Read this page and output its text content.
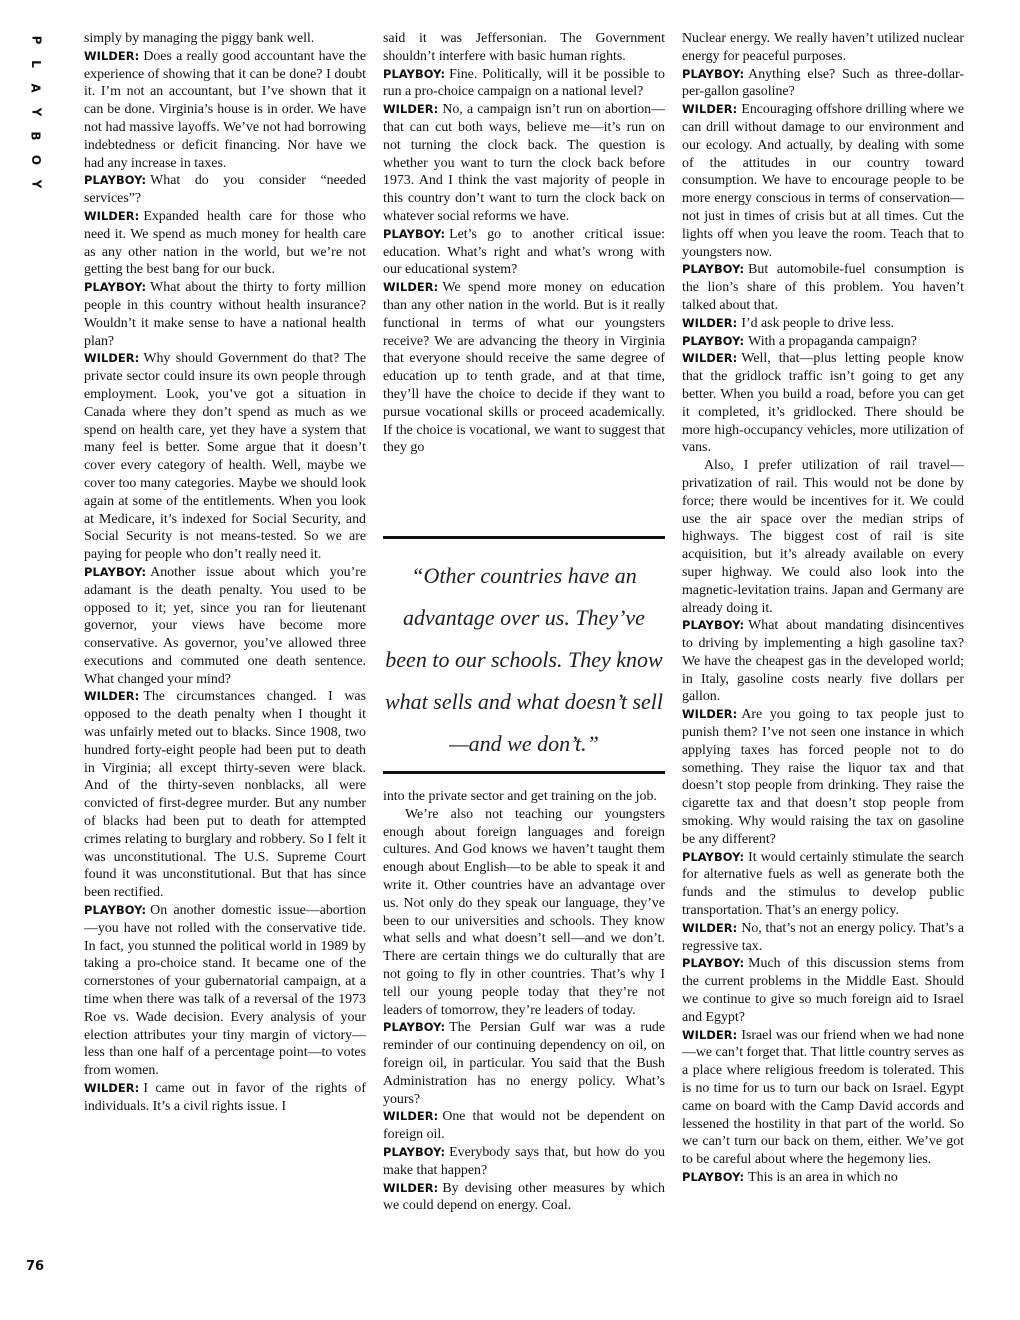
P
L
A
Y
B
O
Y
76

simply by managing the piggy bank well.

WILDER: Does a really good accountant have the experience of showing that it can be done? I doubt it. I’m not an accountant, but I’ve shown that it can be done. Virginia’s house is in order. We have not had massive layoffs. We’ve not had borrowing indebtedness or deficit financing. Nor have we had any increase in taxes.

PLAYBOY: What do you consider “needed services”?

WILDER: Expanded health care for those who need it. We spend as much money for health care as any other nation in the world, but we’re not getting the best bang for our buck.

PLAYBOY: What about the thirty to forty million people in this country without health insurance? Wouldn’t it make sense to have a national health plan?

WILDER: Why should Government do that? The private sector could insure its own people through employment. Look, you’ve got a situation in Canada where they don’t spend as much as we spend on health care, yet they have a system that many feel is better. Some argue that it doesn’t cover every category of health. Well, maybe we cover too many categories. Maybe we should look again at some of the entitlements. When you look at Medicare, it’s indexed for Social Security, and Social Security is not means-tested. So we are paying for people who don’t really need it.

PLAYBOY: Another issue about which you’re adamant is the death penalty. You used to be opposed to it; yet, since you ran for lieutenant governor, your views have become more conservative. As governor, you’ve allowed three executions and commuted one death sentence. What changed your mind?

WILDER: The circumstances changed. I was opposed to the death penalty when I thought it was unfairly meted out to blacks. Since 1908, two hundred forty-eight people had been put to death in Virginia; all except thirty-seven were black. And of the thirty-seven nonblacks, all were convicted of first-degree murder. But any number of blacks had been put to death for attempted crimes relating to burglary and robbery. So I felt it was unconstitutional. The U.S. Supreme Court found it was unconstitutional. But that has since been rectified.

PLAYBOY: On another domestic issue—abortion—you have not rolled with the conservative tide. In fact, you stunned the political world in 1989 by taking a pro-choice stand. It became one of the cornerstones of your gubernatorial campaign, at a time when there was talk of a reversal of the 1973 Roe vs. Wade decision. Every analysis of your election attributes your tiny margin of victory—less than one half of a percentage point—to votes from women.

WILDER: I came out in favor of the rights of individuals. It’s a civil rights issue. I

said it was Jeffersonian. The Government shouldn’t interfere with basic human rights.

PLAYBOY: Fine. Politically, will it be possible to run a pro-choice campaign on a national level?

WILDER: No, a campaign isn’t run on abortion—that can cut both ways, believe me—it’s run on not turning the clock back. The question is whether you want to turn the clock back before 1973. And I think the vast majority of people in this country don’t want to turn the clock back on whatever social reforms we have.

PLAYBOY: Let’s go to another critical issue: education. What’s right and what’s wrong with our educational system?

WILDER: We spend more money on education than any other nation in the world. But is it really functional in terms of what our youngsters receive? We are advancing the theory in Virginia that everyone should receive the same degree of education up to tenth grade, and at that time, they’ll have the choice to decide if they want to pursue vocational skills or proceed academically. If the choice is vocational, we want to suggest that they go

“Other countries have an advantage over us. They’ve been to our schools. They know what sells and what doesn’t sell—and we don’t.”

into the private sector and get training on the job.

We’re also not teaching our youngsters enough about foreign languages and foreign cultures. And God knows we haven’t taught them enough about English—to be able to speak it and write it. Other countries have an advantage over us. Not only do they speak our language, they’ve been to our universities and schools. They know what sells and what doesn’t sell—and we don’t. There are certain things we do culturally that are not going to fly in other countries. That’s why I tell our young people today that they’re not leaders of tomorrow, they’re leaders of today.

PLAYBOY: The Persian Gulf war was a rude reminder of our continuing dependency on oil, on foreign oil, in particular. You said that the Bush Administration has no energy policy. What’s yours?

WILDER: One that would not be dependent on foreign oil.

PLAYBOY: Everybody says that, but how do you make that happen?

WILDER: By devising other measures by which we could depend on energy. Coal.

Nuclear energy. We really haven’t utilized nuclear energy for peaceful purposes.

PLAYBOY: Anything else? Such as three-dollar-per-gallon gasoline?

WILDER: Encouraging offshore drilling where we can drill without damage to our environment and our ecology. And actually, by dealing with some of the attitudes in our country toward consumption. We have to encourage people to be more energy conscious in terms of conservation—not just in times of crisis but at all times. Cut the lights off when you leave the room. Teach that to youngsters now.

PLAYBOY: But automobile-fuel consumption is the lion’s share of this problem. You haven’t talked about that.

WILDER: I’d ask people to drive less.

PLAYBOY: With a propaganda campaign?

WILDER: Well, that—plus letting people know that the gridlock traffic isn’t going to get any better. When you build a road, before you can get it completed, it’s gridlocked. There should be more high-occupancy vehicles, more utilization of vans.

Also, I prefer utilization of rail travel—privatization of rail. This would not be done by force; there would be incentives for it. We could use the air space over the median strips of highways. The biggest cost of rail is site acquisition, but it’s already available on every super highway. We could also look into the magnetic-levitation trains. Japan and Germany are already doing it.

PLAYBOY: What about mandating disincentives to driving by implementing a high gasoline tax? We have the cheapest gas in the developed world; in Italy, gasoline costs nearly five dollars per gallon.

WILDER: Are you going to tax people just to punish them? I’ve not seen one instance in which applying taxes has forced people not to do something. They raise the liquor tax and that doesn’t stop people from drinking. They raise the cigarette tax and that doesn’t stop people from smoking. Why would raising the tax on gasoline be any different?

PLAYBOY: It would certainly stimulate the search for alternative fuels as well as generate both the funds and the stimulus to develop public transportation. That’s an energy policy.

WILDER: No, that’s not an energy policy. That’s a regressive tax.

PLAYBOY: Much of this discussion stems from the current problems in the Middle East. Should we continue to give so much foreign aid to Israel and Egypt?

WILDER: Israel was our friend when we had none—we can’t forget that. That little country serves as a place where religious freedom is tolerated. This is no time for us to turn our back on Israel. Egypt came on board with the Camp David accords and lessened the hostility in that part of the world. So we can’t turn our back on them, either. We’ve got to be careful about where the hegemony lies.

PLAYBOY: This is an area in which no
